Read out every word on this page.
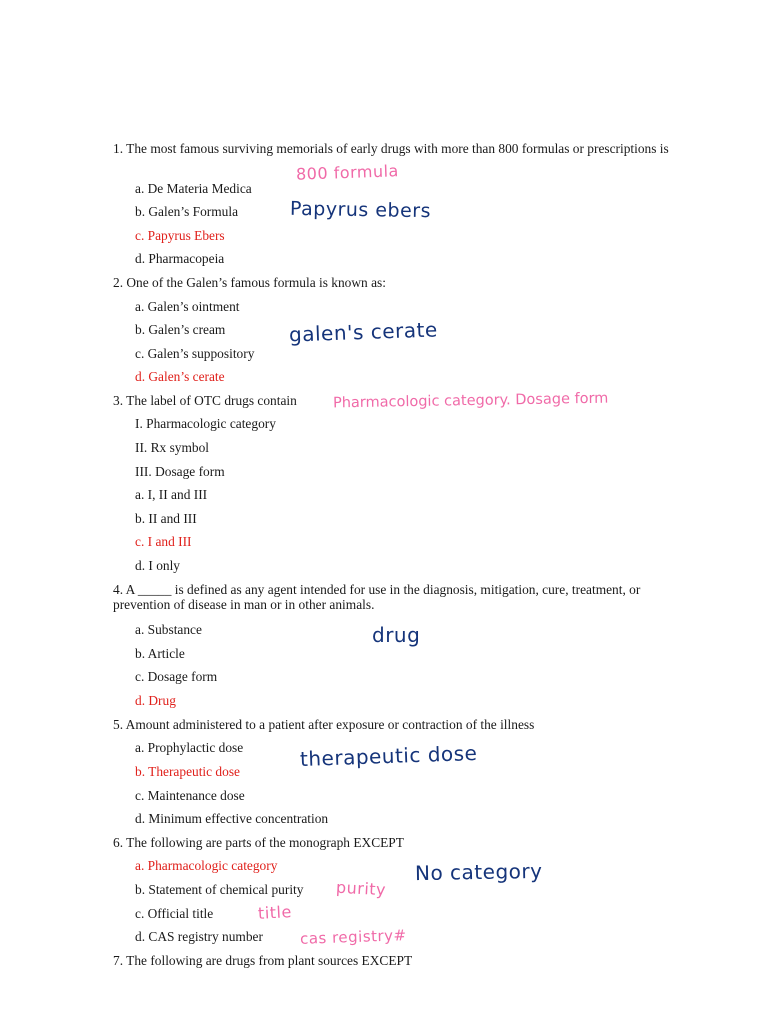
1. The most famous surviving memorials of early drugs with more than 800 formulas or prescriptions is
a. De Materia Medica
b. Galen’s Formula
c. Papyrus Ebers
d. Pharmacopeia
2. One of the Galen’s famous formula is known as:
a. Galen’s ointment
b. Galen’s cream
c. Galen’s suppository
d. Galen’s cerate
3. The label of OTC drugs contain
I. Pharmacologic category
II. Rx symbol
III. Dosage form
a. I, II and III
b. II and III
c. I and III
d. I only
4. A _____ is defined as any agent intended for use in the diagnosis, mitigation, cure, treatment, or prevention of disease in man or in other animals.
a. Substance
b. Article
c. Dosage form
d. Drug
5. Amount administered to a patient after exposure or contraction of the illness
a. Prophylactic dose
b. Therapeutic dose
c. Maintenance dose
d. Minimum effective concentration
6. The following are parts of the monograph EXCEPT
a. Pharmacologic category
b. Statement of chemical purity
c. Official title
d. CAS registry number
7. The following are drugs from plant sources EXCEPT
800 formula
Papyrus ebers
galen's cerate
Pharmacologic category. Dosage form
drug
therapeutic dose
No category
purity
title
cas registry#
